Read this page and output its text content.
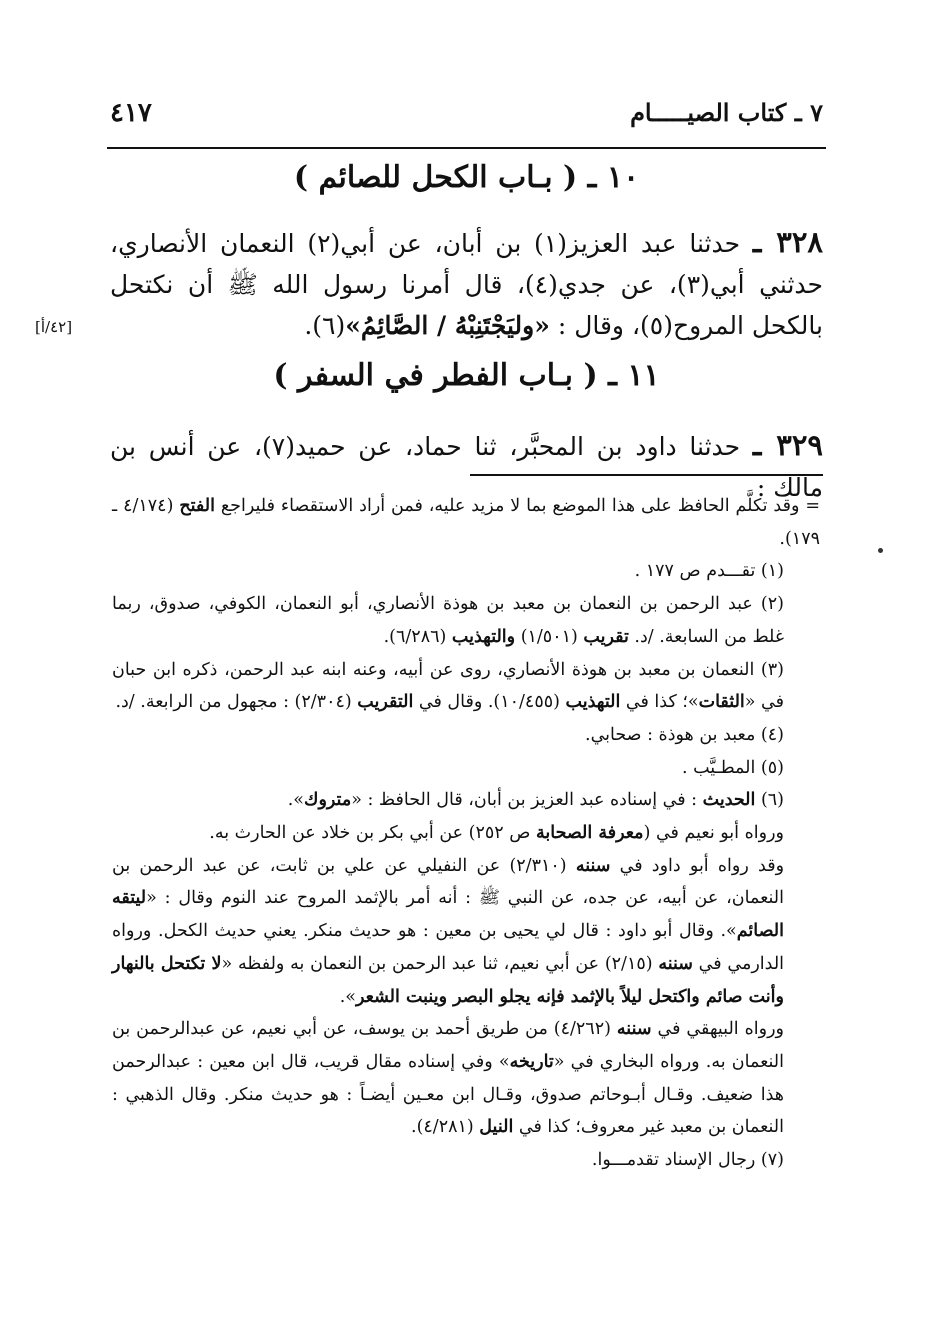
٧ ـ كتاب الصيـــــام
٤١٧
١٠ ـ ( بـاب الكحل للصائم )
٣٢٨ ـ حدثنا عبد العزيز(١) بن أبان، عن أبي(٢) النعمان الأنصاري، حدثني أبي(٣)، عن جدي(٤)، قال أمرنا رسول الله ﷺ أن نكتحل بالكحل المروح(٥)، وقال : «وليَجْتَنِبْهُ / الصَّائِمُ»(٦).
[٤٢/أ]
١١ ـ ( بـاب الفطر في السفر )
٣٢٩ ـ حدثنا داود بن المحبَّر، ثنا حماد، عن حميد(٧)، عن أنس بن مالك :

= وقد تكلَّم الحافظ على هذا الموضع بما لا مزيد عليه، فمن أراد الاستقصاء فليراجع الفتح (٤/١٧٤ ـ ١٧٩).

(١) تقـــدم ص ١٧٧ .

(٢) عبد الرحمن بن النعمان بن معبد بن هوذة الأنصاري، أبو النعمان، الكوفي، صدوق، ربما غلط من السابعة. /د. تقريب (١/٥٠١) والتهذيب (٦/٢٨٦).

(٣) النعمان بن معبد بن هوذة الأنصاري، روى عن أبيه، وعنه ابنه عبد الرحمن، ذكره ابن حبان في «الثقات»؛ كذا في التهذيب (١٠/٤٥٥). وقال في التقريب (٢/٣٠٤) : مجهول من الرابعة. /د.

(٤) معبد بن هوذة : صحابي.

(٥) المطـيَّب .

(٦) الحديث : في إسناده عبد العزيز بن أبان، قال الحافظ : «متروك».

ورواه أبو نعيم في (معرفة الصحابة ص ٢٥٢) عن أبي بكر بن خلاد عن الحارث به.

وقد رواه أبو داود في سننه (٢/٣١٠) عن النفيلي عن علي بن ثابت، عن عبد الرحمن بن النعمان، عن أبيه، عن جده، عن النبي ﷺ : أنه أمر بالإثمد المروح عند النوم وقال : «ليتقه الصائم». وقال أبو داود : قال لي يحيى بن معين : هو حديث منكر. يعني حديث الكحل. ورواه الدارمي في سننه (٢/١٥) عن أبي نعيم، ثنا عبد الرحمن بن النعمان به ولفظه «لا تكتحل بالنهار وأنت صائم واكتحل ليلاً بالإثمد فإنه يجلو البصر وينبت الشعر».

ورواه البيهقي في سننه (٤/٢٦٢) من طريق أحمد بن يوسف، عن أبي نعيم، عن عبدالرحمن بن النعمان به. ورواه البخاري في «تاريخه» وفي إسناده مقال قريب، قال ابن معين : عبدالرحمن هذا ضعيف. وقـال أبـوحاتم صدوق، وقـال ابن معـين أيضـاً : هو حديث منكر. وقال الذهبي : النعمان بن معبد غير معروف؛ كذا في النيل (٤/٢٨١).

(٧) رجال الإسناد تقدمـــوا.
